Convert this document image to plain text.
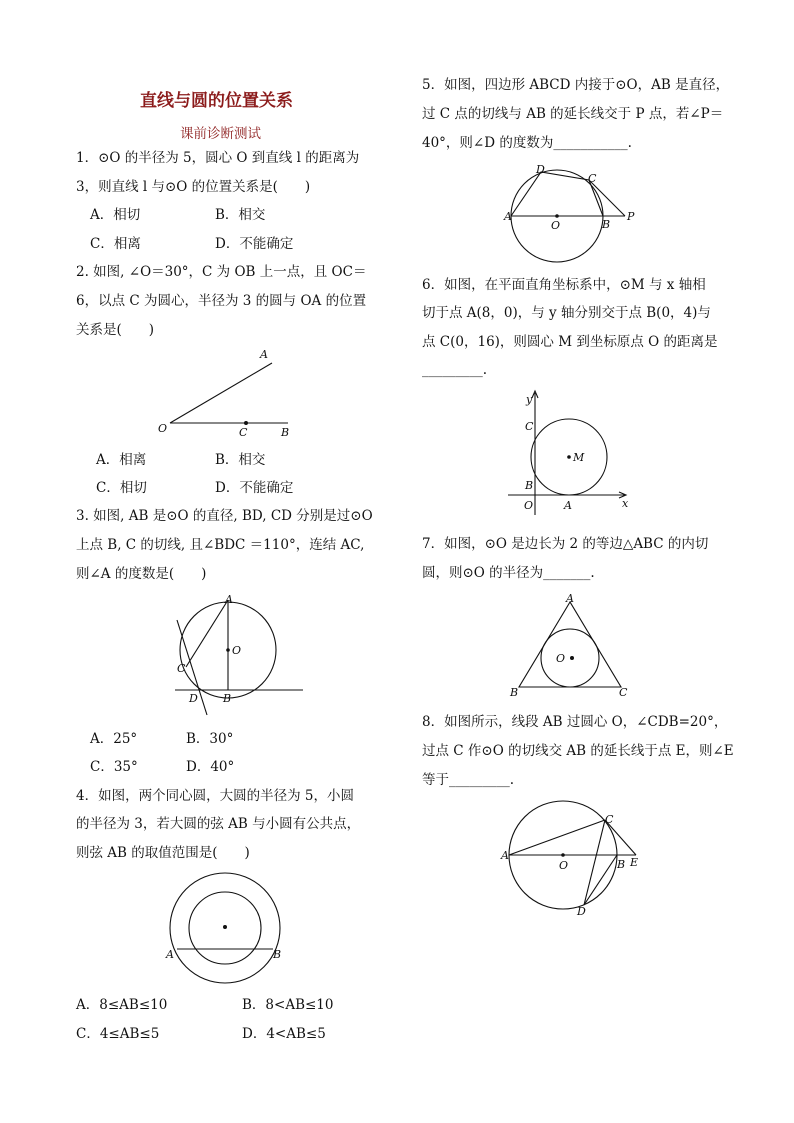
直线与圆的位置关系
课前诊断测试
1．⊙O 的半径为 5，圆心 O 到直线 l 的距离为
3，则直线 l 与⊙O 的位置关系是(　　)
A．相切	B．相交
C．相离	D．不能确定
2. 如图, ∠O＝30°，C 为 OB 上一点，且 OC＝
6，以点 C 为圆心，半径为 3 的圆与 OA 的位置
关系是(　　)
A
O	C	B
A．相离	B．相交
C．相切	D．不能确定
3. 如图, AB 是⊙O 的直径, BD, CD 分别是过⊙O
上点 B, C 的切线, 且∠BDC ＝110°，连结 AC,
则∠A 的度数是(　　)
A
O
C
D B
A．25°	B．30°
C．35°	D．40°
4．如图，两个同心圆，大圆的半径为 5，小圆
的半径为 3，若大圆的弦 AB 与小圆有公共点，
则弦 AB 的取值范围是(　　)
A	B
A．8≤AB≤10	B．8<AB≤10
C．4≤AB≤5	D．4<AB≤5
5．如图，四边形 ABCD 内接于⊙O，AB 是直径，
过 C 点的切线与 AB 的延长线交于 P 点，若∠P＝
40°，则∠D 的度数为___________.
A
O	B
P
C
D
6．如图，在平面直角坐标系中，⊙M 与 x 轴相
切于点 A(8，0)，与 y 轴分别交于点 B(0，4)与
点 C(0，16)，则圆心 M 到坐标原点 O 的距离是
_________.
y
x
C
M
B
O	A
7．如图，⊙O 是边长为 2 的等边△ABC 的内切
圆，则⊙O 的半径为_______.
A
O
B	C
8．如图所示，线段 AB 过圆心 O，∠CDB=20°，
过点 C 作⊙O 的切线交 AB 的延长线于点 E，则∠E
等于_________.
A
O	B E
C
D
